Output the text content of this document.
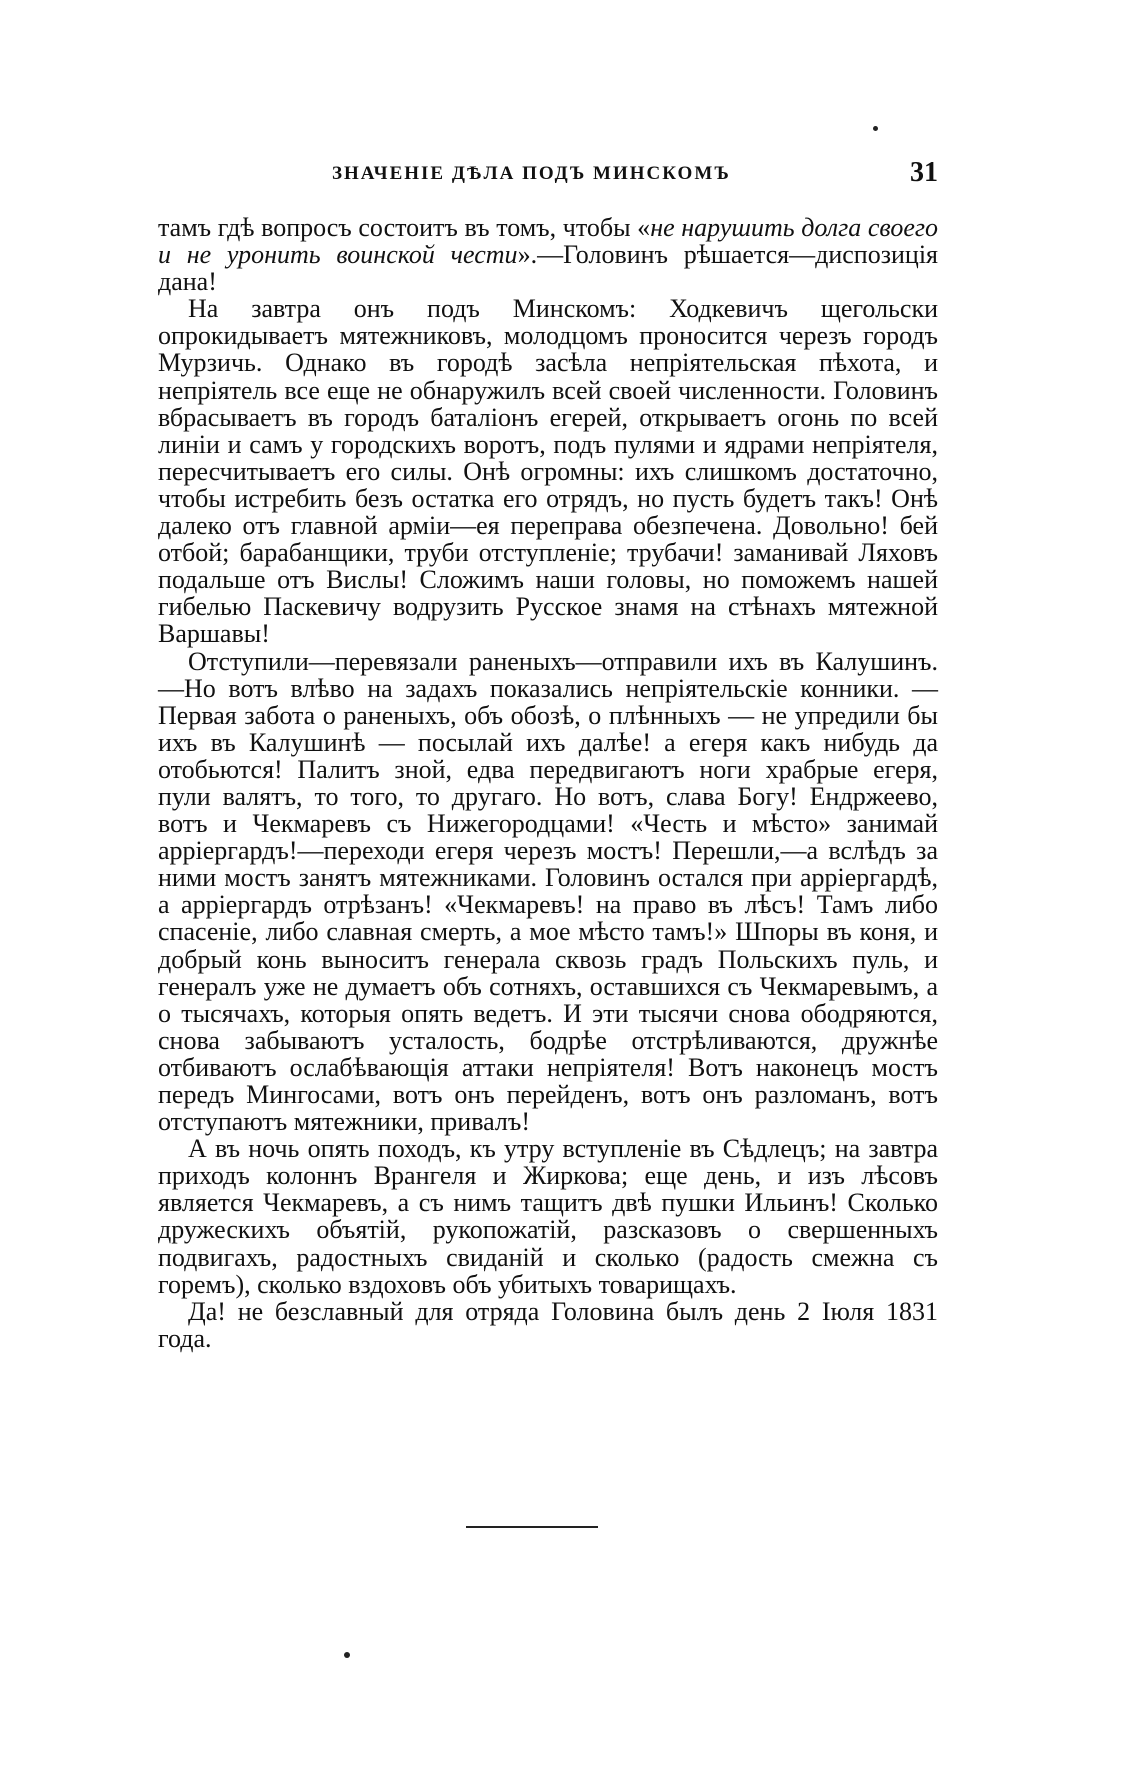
ЗНАЧЕНIЕ ДѢЛА ПОДЪ МИНСКОМЪ	31

тамъ гдѣ вопросъ состоитъ въ томъ, чтобы «не нарушить долга своего и не уронить воинской чести».—Головинъ рѣшается—диспозиція дана!

На завтра онъ подъ Минскомъ: Ходкевичъ щегольски опрокидываетъ мятежниковъ, молодцомъ проносится черезъ городъ Мурзичь. Однако въ городѣ засѣла непріятельская пѣхота, и непріятель все еще не обнаружилъ всей своей численности. Головинъ вбрасываетъ въ городъ баталіонъ егерей, открываетъ огонь по всей линіи и самъ у городскихъ воротъ, подъ пулями и ядрами непріятеля, пересчитываетъ его силы. Онѣ огромны: ихъ слишкомъ достаточно, чтобы истребить безъ остатка его отрядъ, но пусть будетъ такъ! Онѣ далеко отъ главной арміи—ея переправа обезпечена. Довольно! бей отбой; барабанщики, труби отступленіе; трубачи! заманивай Ляховъ подальше отъ Вислы! Сложимъ наши головы, но поможемъ нашей гибелью Паскевичу водрузить Русское знамя на стѣнахъ мятежной Варшавы!

Отступили—перевязали раненыхъ—отправили ихъ въ Калушинъ.—Но вотъ влѣво на задахъ показались непріятельскіе конники. — Первая забота о раненыхъ, объ обозѣ, о плѣнныхъ — не упредили бы ихъ въ Калушинѣ — посылай ихъ далѣе! а егеря какъ нибудь да отобьются! Палитъ зной, едва передвигаютъ ноги храбрые егеря, пули валятъ, то того, то другаго. Но вотъ, слава Богу! Ендржеево, вотъ и Чекмаревъ съ Нижегородцами! «Честь и мѣсто» занимай арріергардъ!—переходи егеря черезъ мостъ! Перешли,—а вслѣдъ за ними мостъ занятъ мятежниками. Головинъ остался при арріергардѣ, а арріергардъ отрѣзанъ! «Чекмаревъ! на право въ лѣсъ! Тамъ либо спасеніе, либо славная смерть, а мое мѣсто тамъ!» Шпоры въ коня, и добрый конь выноситъ генерала сквозь градъ Польскихъ пуль, и генералъ уже не думаетъ объ сотняхъ, оставшихся съ Чекмаревымъ, а о тысячахъ, которыя опять ведетъ. И эти тысячи снова ободряются, снова забываютъ усталость, бодрѣе отстрѣливаются, дружнѣе отбиваютъ ослабѣвающія аттаки непріятеля! Вотъ наконецъ мостъ передъ Мингосами, вотъ онъ перейденъ, вотъ онъ разломанъ, вотъ отступаютъ мятежники, привалъ!

А въ ночь опять походъ, къ утру вступленіе въ Сѣдлецъ; на завтра приходъ колоннъ Врангеля и Жиркова; еще день, и изъ лѣсовъ является Чекмаревъ, а съ нимъ тащитъ двѣ пушки Ильинъ! Сколько дружескихъ объятій, рукопожатій, разсказовъ о свершенныхъ подвигахъ, радостныхъ свиданій и сколько (радость смежна съ горемъ), сколько вздоховъ объ убитыхъ товарищахъ.

Да! не безславный для отряда Головина былъ день 2 Іюля 1831 года.
